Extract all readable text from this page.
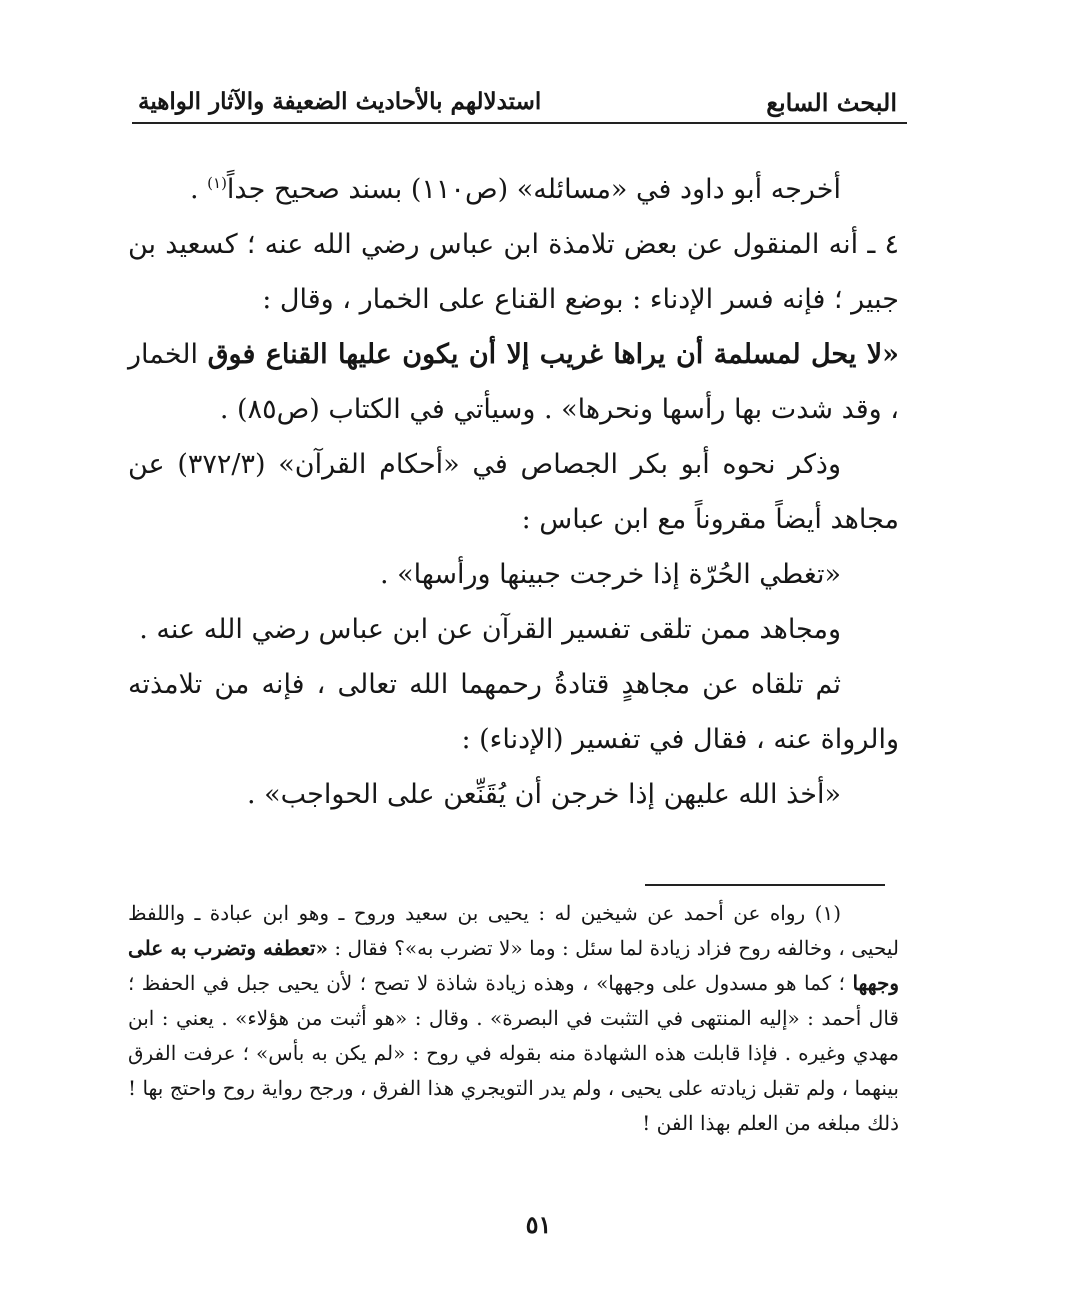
البحث السابع
استدلالهم بالأحاديث الضعيفة والآثار الواهية

أخرجه أبو داود في «مسائله» (ص١١٠) بسند صحيح جداً$^{(١)}$ .

٤ ـ أنه المنقول عن بعض تلامذة ابن عباس رضي الله عنه ؛ كسعيد بن جبير ؛ فإنه فسر الإدناء : بوضع القناع على الخمار ، وقال :

«لا يحل لمسلمة أن يراها غريب إلا أن يكون عليها القناع فوق الخمار ، وقد شدت بها رأسها ونحرها» . وسيأتي في الكتاب (ص٨٥) .

وذكر نحوه أبو بكر الجصاص في «أحكام القرآن» (٣٧٢/٣) عن مجاهد أيضاً مقروناً مع ابن عباس :

«تغطي الحُرّة إذا خرجت جبينها ورأسها» .

ومجاهد ممن تلقى تفسير القرآن عن ابن عباس رضي الله عنه .

ثم تلقاه عن مجاهدٍ قتادةُ رحمهما الله تعالى ، فإنه من تلامذته والرواة عنه ، فقال في تفسير (الإدناء) :

«أخذ الله عليهن إذا خرجن أن يُقَنِّعن على الحواجب» .

(١) رواه عن أحمد عن شيخين له : يحيى بن سعيد وروح ـ وهو ابن عبادة ـ واللفظ ليحيى ، وخالفه روح فزاد زيادة لما سئل : وما «لا تضرب به»؟ فقال : «تعطفه وتضرب به على وجهها ؛ كما هو مسدول على وجهها» ، وهذه زيادة شاذة لا تصح ؛ لأن يحيى جبل في الحفظ ؛ قال أحمد : «إليه المنتهى في التثبت في البصرة» . وقال : «هو أثبت من هؤلاء» . يعني : ابن مهدي وغيره . فإذا قابلت هذه الشهادة منه بقوله في روح : «لم يكن به بأس» ؛ عرفت الفرق بينهما ، ولم تقبل زيادته على يحيى ، ولم يدر التويجري هذا الفرق ، ورجح رواية روح واحتج بها ! ذلك مبلغه من العلم بهذا الفن !

٥١
